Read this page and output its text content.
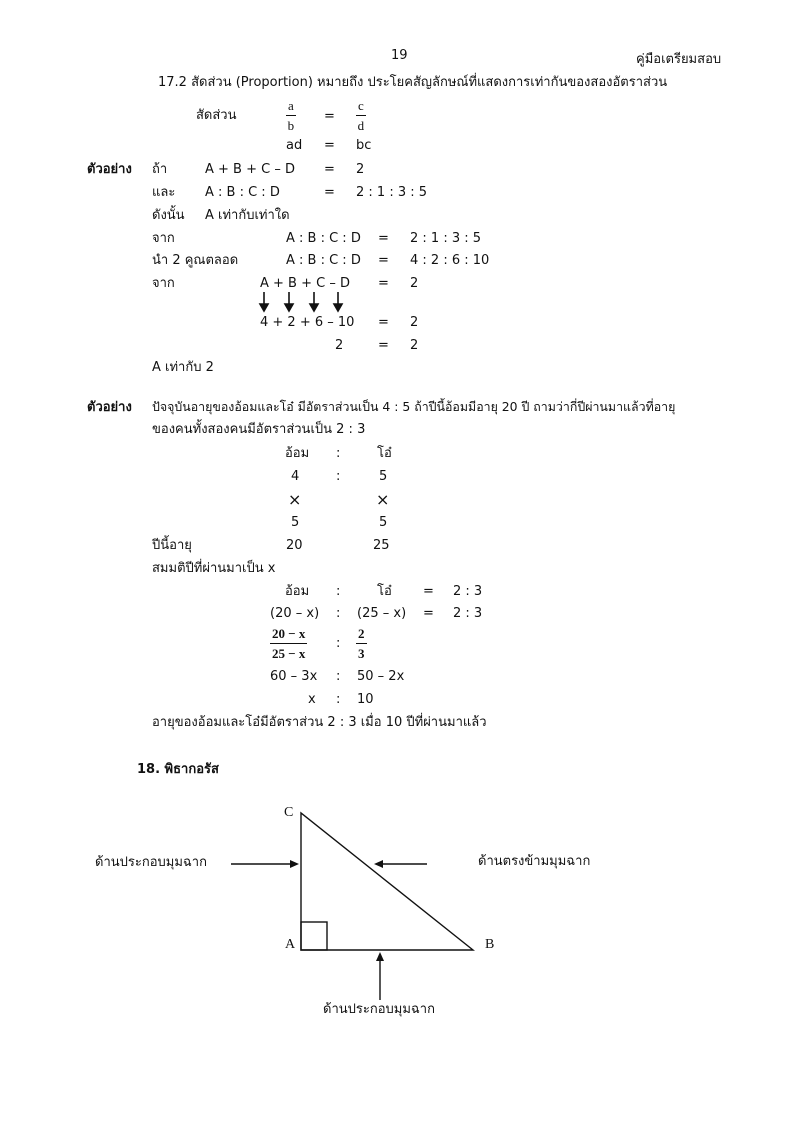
19	คู่มือเตรียมสอบ
17.2 สัดส่วน (Proportion) หมายถึง ประโยคสัญลักษณ์ที่แสดงการเท่ากันของสองอัตราส่วน
สัดส่วน	$\frac{a}{b} = \frac{c}{d}$
ad = bc
ตัวอย่าง ถ้า	A + B + C – D = 2
และ A : B : C : D	= 2 : 1 : 3 : 5
ดังนั้น A เท่ากับเท่าใด
จาก	A : B : C : D = 2 : 1 : 3 : 5
นำ 2 คูณตลอด	A : B : C : D = 4 : 2 : 6 : 10
จาก	A + B + C – D = 2
4 + 2 + 6 – 10 = 2
2	= 2
A เท่ากับ 2
ตัวอย่าง ปัจจุบันอายุของอ้อมและโอ๋ มีอัตราส่วนเป็น 4 : 5 ถ้าปีนี้อ้อมมีอายุ 20 ปี ถามว่ากี่ปีผ่านมาแล้วที่อายุ
ของคนทั้งสองคนมีอัตราส่วนเป็น 2 : 3
อ้อม :	โอ๋
4	:	5
×	×
5	5
ปีนี้อายุ	20	25
สมมติปีที่ผ่านมาเป็น x
อ้อม :	โอ๋ = 2 : 3
(20 – x) : (25 – x) = 2 : 3
$\frac{20 - x}{25 - x}$ : $\frac{2}{3}$
60 – 3x : 50 – 2x
x : 10
อายุของอ้อมและโอ๋มีอัตราส่วน 2 : 3 เมื่อ 10 ปีที่ผ่านมาแล้ว
18. พิธากอรัส
C
A	B
ด้านประกอบมุมฉาก	ด้านตรงข้ามมุมฉาก
ด้านประกอบมุมฉาก
